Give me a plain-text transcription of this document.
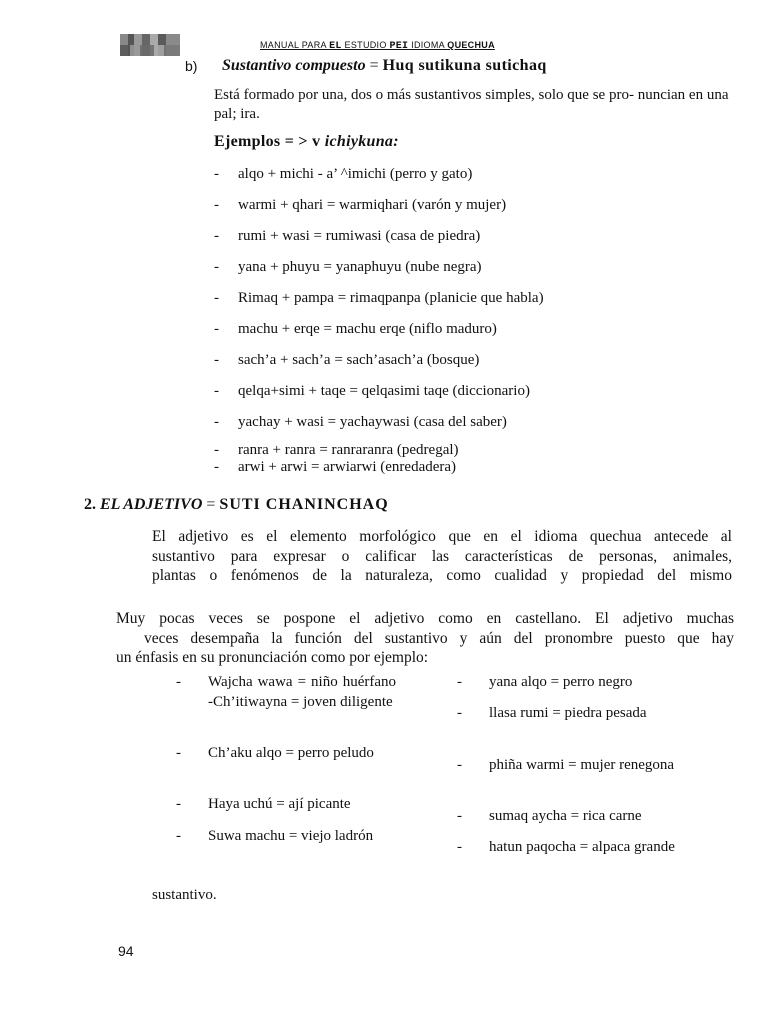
MANUAL PARA EL ESTUDIO PEI IDIOMA QUECHUA
b) Sustantivo compuesto = Huq sutikuna sutichaq
Está formado por una, dos o más sustantivos simples, solo que se pro- nuncian en una pal; ira.
Ejemplos = > v ichiykuna:
- alqo + michi - a’ ^imichi (perro y gato)
- warmi + qhari = warmiqhari (varón y mujer)
- rumi + wasi = rumiwasi (casa de piedra)
- yana + phuyu = yanaphuyu (nube negra)
- Rimaq + pampa = rimaqpanpa (planicie que habla)
- machu + erqe = machu erqe (niflo maduro)
- sach’a + sach’a = sach’asach’a (bosque)
- qelqa+simi + taqe = qelqasimi taqe (diccionario)
- yachay + wasi = yachaywasi (casa del saber)
- ranra + ranra = ranraranra (pedregal)
- arwi + arwi = arwiarwi (enredadera)
2. EL ADJETIVO = SUTI CHANINCHAQ
El adjetivo es el elemento morfológico que en el idioma quechua antecede al
sustantivo para expresar o calificar las características de personas, animales,
plantas o fenómenos de la naturaleza, como cualidad y propiedad del mismo
Muy pocas veces se pospone el adjetivo como en castellano. El adjetivo muchas
veces desempaña la función del sustantivo y aún del pronombre puesto que hay
un énfasis en su pronunciación como por ejemplo:
- Wajcha wawa = niño huérfano -Ch’itiwayna = joven diligente
- Ch’aku alqo = perro peludo
- Haya uchú = ají picante
- Suwa machu = viejo ladrón
- yana alqo = perro negro
- llasa rumi = piedra pesada
- phiña warmi = mujer renegona
- sumaq aycha = rica carne
- hatun paqocha = alpaca grande
sustantivo.
94
